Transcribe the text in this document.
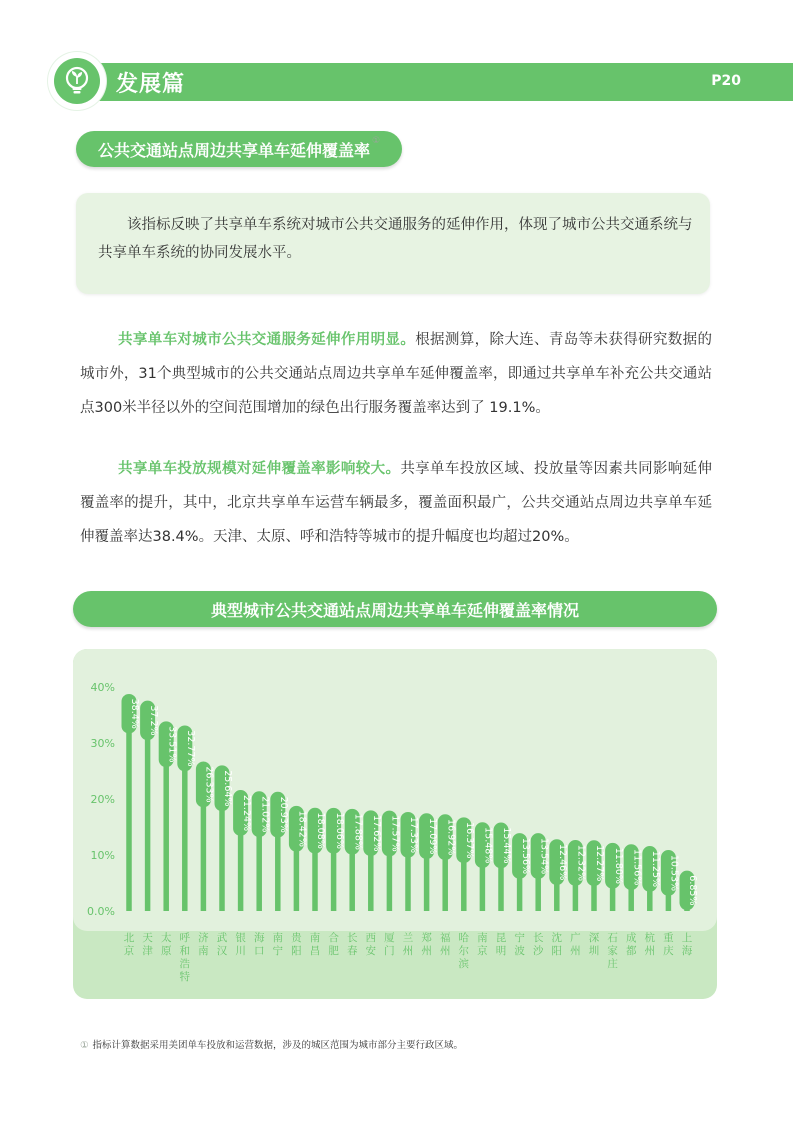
发展篇	P20
公共交通站点周边共享单车延伸覆盖率 ①
该指标反映了共享单车系统对城市公共交通服务的延伸作用，体现了城市公共交通系统与共享单车系统的协同发展水平。

共享单车对城市公共交通服务延伸作用明显。根据测算，除大连、青岛等未获得研究数据的城市外，31个典型城市的公共交通站点周边共享单车延伸覆盖率，即通过共享单车补充公共交通站点300米半径以外的空间范围增加的绿色出行服务覆盖率达到了 19.1%。

共享单车投放规模对延伸覆盖率影响较大。共享单车投放区域、投放量等因素共同影响延伸覆盖率的提升，其中，北京共享单车运营车辆最多，覆盖面积最广，公共交通站点周边共享单车延伸覆盖率达38.4%。天津、太原、呼和浩特等城市的提升幅度也均超过20%。

典型城市公共交通站点周边共享单车延伸覆盖率情况
0.0%
10%
20%
30%
40%
38.4%
北京
37.2%
天津
33.51%
太原
32.77%
呼和浩特
26.33%
济南
25.64%
武汉
21.24%
银川
21.02%
海口
20.93%
南宁
18.42%
贵阳
18.08%
南昌
18.06%
合肥
17.88%
长春
17.62%
西安
17.57%
厦门
17.33%
兰州
17.09%
郑州
16.92%
福州
16.37%
哈尔滨
15.48%
南京
15.44%
昆明
13.56%
宁波
13.54%
长沙
12.46%
沈阳
12.32%
广州
12.27%
深圳
11.80%
石家庄
11.56%
成都
11.25%
杭州
10.53%
重庆
6.85%
上海
① 指标计算数据采用美团单车投放和运营数据，涉及的城区范围为城市部分主要行政区域。
